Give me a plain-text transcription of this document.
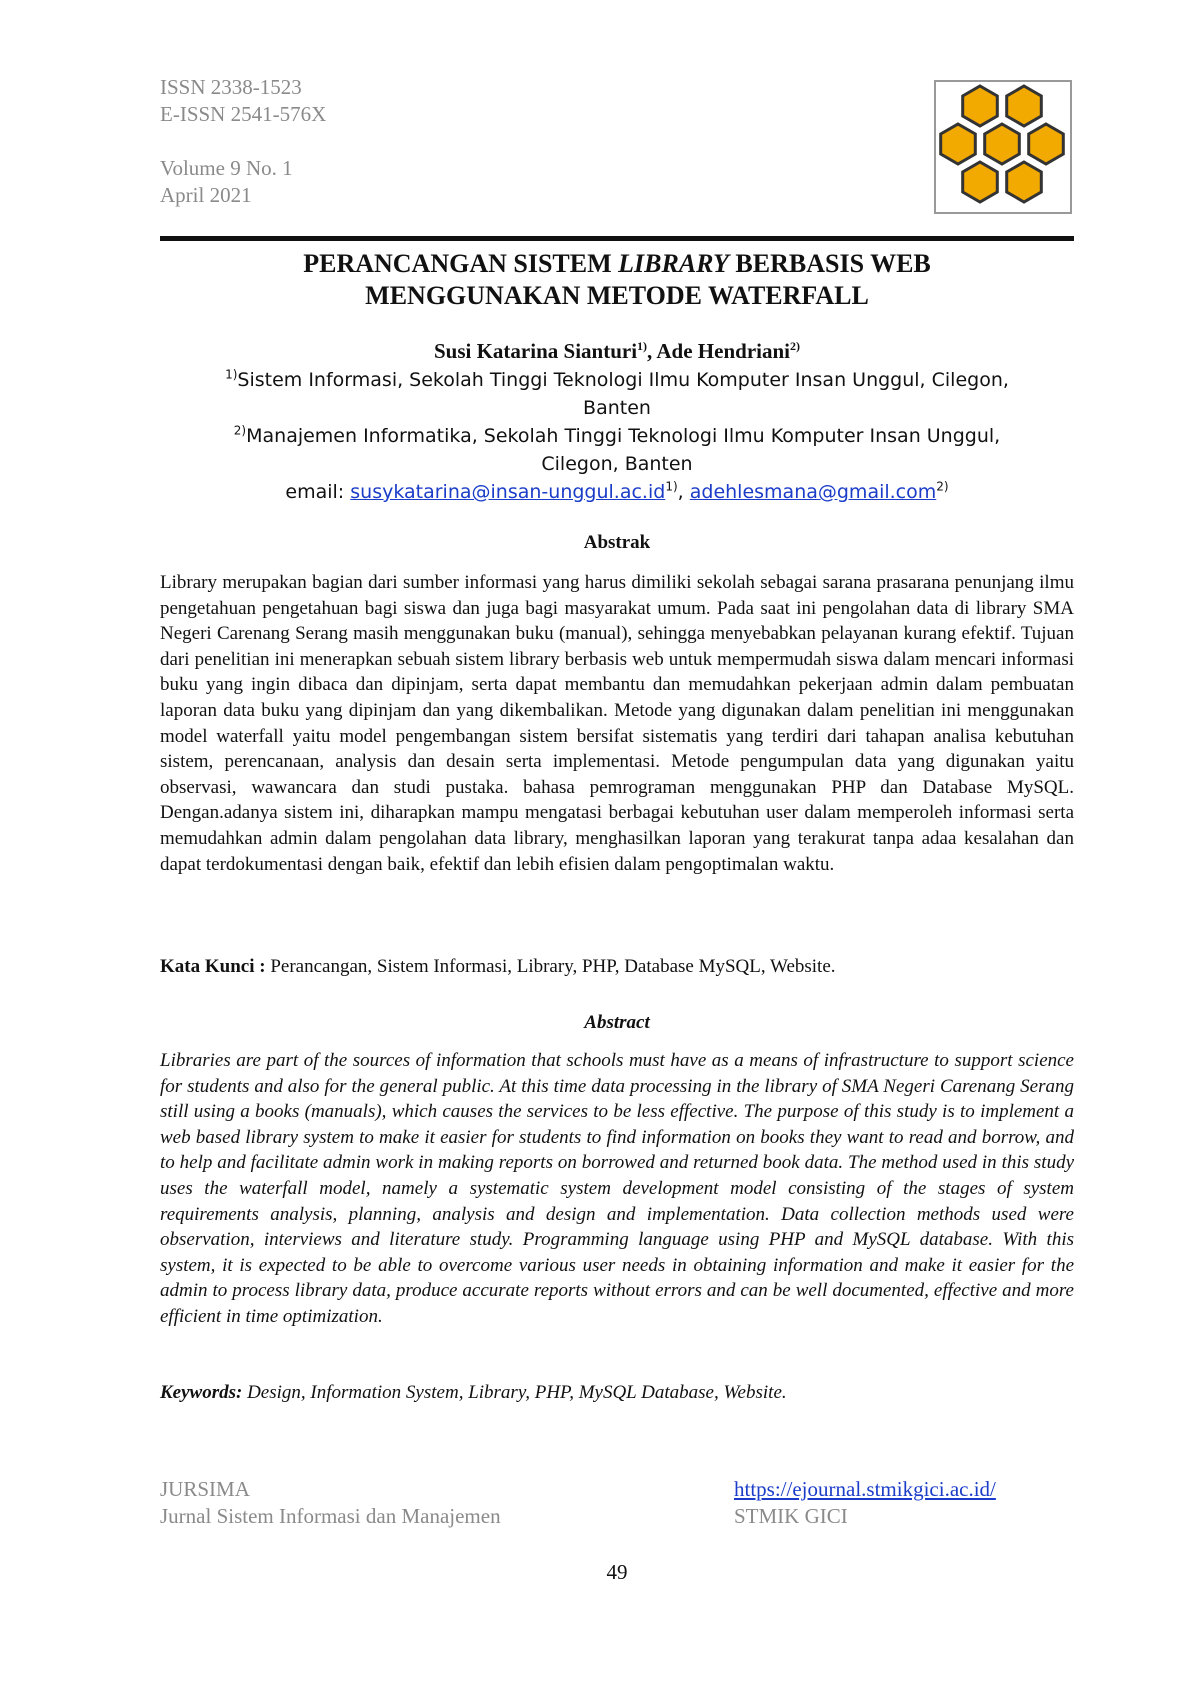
ISSN 2338-1523
E-ISSN 2541-576X
Volume 9 No. 1
April 2021
PERANCANGAN SISTEM LIBRARY BERBASIS WEB
MENGGUNAKAN METODE WATERFALL
Susi Katarina Sianturi$^{1)}$, Ade Hendriani$^{2)}$
$^{1)}$Sistem Informasi, Sekolah Tinggi Teknologi Ilmu Komputer Insan Unggul, Cilegon,
Banten
$^{2)}$Manajemen Informatika, Sekolah Tinggi Teknologi Ilmu Komputer Insan Unggul,
Cilegon, Banten
email: $susykatarina@insan-unggul.ac.id^{1)}$, adehlesmana@gmail.com$^{2)}$
Abstrak
Library merupakan bagian dari sumber informasi yang harus dimiliki sekolah sebagai sarana prasarana penunjang ilmu pengetahuan pengetahuan bagi siswa dan juga bagi masyarakat umum. Pada saat ini pengolahan data di library SMA Negeri Carenang Serang masih menggunakan buku (manual), sehingga menyebabkan pelayanan kurang efektif. Tujuan dari penelitian ini menerapkan sebuah sistem library berbasis web untuk mempermudah siswa dalam mencari informasi buku yang ingin dibaca dan dipinjam, serta dapat membantu dan memudahkan pekerjaan admin dalam pembuatan laporan data buku yang dipinjam dan yang dikembalikan. Metode yang digunakan dalam penelitian ini menggunakan model waterfall yaitu model pengembangan sistem bersifat sistematis yang terdiri dari tahapan analisa kebutuhan sistem, perencanaan, analysis dan desain serta implementasi. Metode pengumpulan data yang digunakan yaitu observasi, wawancara dan studi pustaka. bahasa pemrograman menggunakan PHP dan Database MySQL. Dengan.adanya sistem ini, diharapkan mampu mengatasi berbagai kebutuhan user dalam memperoleh informasi serta memudahkan admin dalam pengolahan data library, menghasilkan laporan yang terakurat tanpa adaa kesalahan dan dapat terdokumentasi dengan baik, efektif dan lebih efisien dalam pengoptimalan waktu.
Kata Kunci : Perancangan, Sistem Informasi, Library, PHP, Database MySQL, Website.
Abstract
Libraries are part of the sources of information that schools must have as a means of infrastructure to support science for students and also for the general public. At this time data processing in the library of SMA Negeri Carenang Serang still using a books (manuals), which causes the services to be less effective. The purpose of this study is to implement a web based library system to make it easier for students to find information on books they want to read and borrow, and to help and facilitate admin work in making reports on borrowed and returned book data. The method used in this study uses the waterfall model, namely a systematic system development model consisting of the stages of system requirements analysis, planning, analysis and design and implementation. Data collection methods used were observation, interviews and literature study. Programming language using PHP and MySQL database. With this system, it is expected to be able to overcome various user needs in obtaining information and make it easier for the admin to process library data, produce accurate reports without errors and can be well documented, effective and more efficient in time optimization.
Keywords: Design, Information System, Library, PHP, MySQL Database, Website.
JURSIMA
Jurnal Sistem Informasi dan Manajemen
https://ejournal.stmikgici.ac.id/
STMIK GICI
49
